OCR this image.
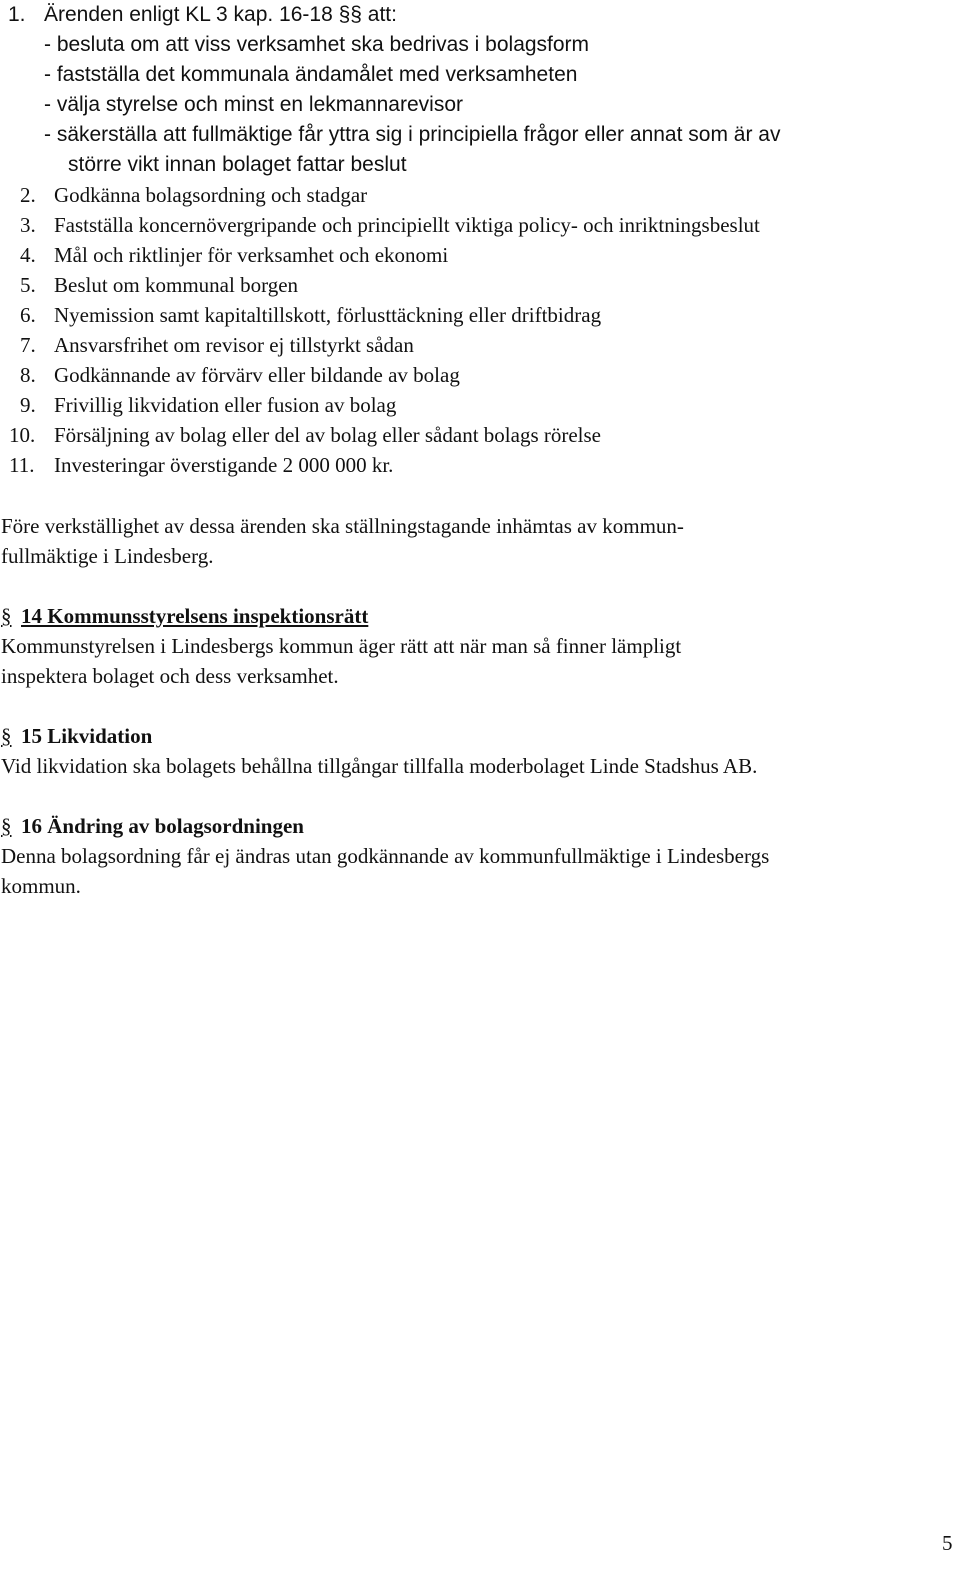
1. Ärenden enligt KL 3 kap. 16-18 §§ att:
- besluta om att viss verksamhet ska bedrivas i bolagsform
- fastställa det kommunala ändamålet med verksamheten
- välja styrelse och minst en lekmannarevisor
- säkerställa att fullmäktige får yttra sig i principiella frågor eller annat som är av
större vikt innan bolaget fattar beslut
2. Godkänna bolagsordning och stadgar
3. Fastställa koncernövergripande och principiellt viktiga policy- och inriktningsbeslut
4. Mål och riktlinjer för verksamhet och ekonomi
5. Beslut om kommunal borgen
6. Nyemission samt kapitaltillskott, förlusttäckning eller driftbidrag
7. Ansvarsfrihet om revisor ej tillstyrkt sådan
8. Godkännande av förvärv eller bildande av bolag
9. Frivillig likvidation eller fusion av bolag
10. Försäljning av bolag eller del av bolag eller sådant bolags rörelse
11. Investeringar överstigande 2 000 000 kr.
Före verkställighet av dessa ärenden ska ställningstagande inhämtas av kommun-
fullmäktige i Lindesberg.
§ 14 Kommunsstyrelsens inspektionsrätt
Kommunstyrelsen i Lindesbergs kommun äger rätt att när man så finner lämpligt
inspektera bolaget och dess verksamhet.
§ 15 Likvidation
Vid likvidation ska bolagets behållna tillgångar tillfalla moderbolaget Linde Stadshus AB.
§ 16 Ändring av bolagsordningen
Denna bolagsordning får ej ändras utan godkännande av kommunfullmäktige i Lindesbergs
kommun.
5
